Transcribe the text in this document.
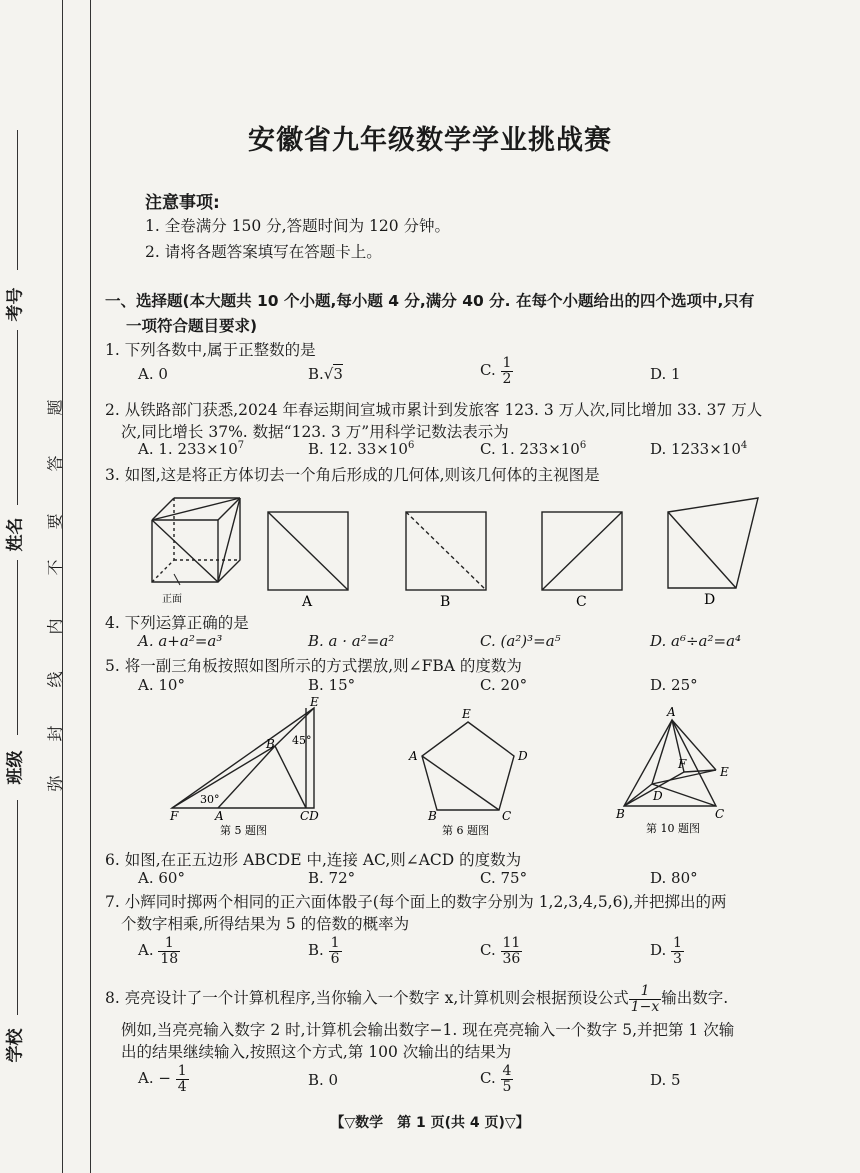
考号
姓名
班级
学校
题
答
要
不
内
线
封
弥
安徽省九年级数学学业挑战赛
注意事项:
1. 全卷满分 150 分,答题时间为 120 分钟。
2. 请将各题答案填写在答题卡上。
一、选择题(本大题共 10 个小题,每小题 4 分,满分 40 分. 在每个小题给出的四个选项中,只有
一项符合题目要求)
1. 下列各数中,属于正整数的是
A. 0	B.√3	C. $\frac{1}{2}$	D. 1
2. 从铁路部门获悉,2024 年春运期间宣城市累计到发旅客 123. 3 万人次,同比增加 33. 37 万人
次,同比增长 37%. 数据“123. 3 万”用科学记数法表示为
A. 1. $233\times 10^7$	B. 12. $33\times 10^6$	C. 1. $233\times 10^6$	D. $1233\times 10^4$
3. 如图,这是将正方体切去一个角后形成的几何体,则该几何体的主视图是
正面	A	B	C	D
4. 下列运算正确的是
A. a+a²=a³	B. a · a²=a²	C. (a²)³=a⁵	D. a⁶÷a²=a⁴
5. 将一副三角板按照如图所示的方式摆放,则∠FBA 的度数为
A. 10°	B. 15°	C. 20°	D. 25°
E
B 45°
30°
F	A	CD
第 5 题图
E
A	D
B	C
第 6 题图
A
F
E
D
B	C
第 10 题图
6. 如图,在正五边形 ABCDE 中,连接 AC,则∠ACD 的度数为
A. 60°	B. 72°	C. 75°	D. 80°
7. 小辉同时掷两个相同的正六面体骰子(每个面上的数字分别为 1,2,3,4,5,6),并把掷出的两
个数字相乘,所得结果为 5 的倍数的概率为
A. $\frac{1}{18}$	B. $\frac{1}{6}$	C. $\frac{11}{36}$	D. $\frac{1}{3}$
8. 亮亮设计了一个计算机程序,当你输入一个数字 x,计算机则会根据预设公式 $\frac{1}{1-x}$ 输出数字.
例如,当亮亮输入数字 2 时,计算机会输出数字−1. 现在亮亮输入一个数字 5,并把第 1 次输
出的结果继续输入,按照这个方式,第 100 次输出的结果为
A. − $\frac{1}{4}$	B. 0	C. $\frac{4}{5}$	D. 5
【▽数学　第 1 页(共 4 页)▽】
